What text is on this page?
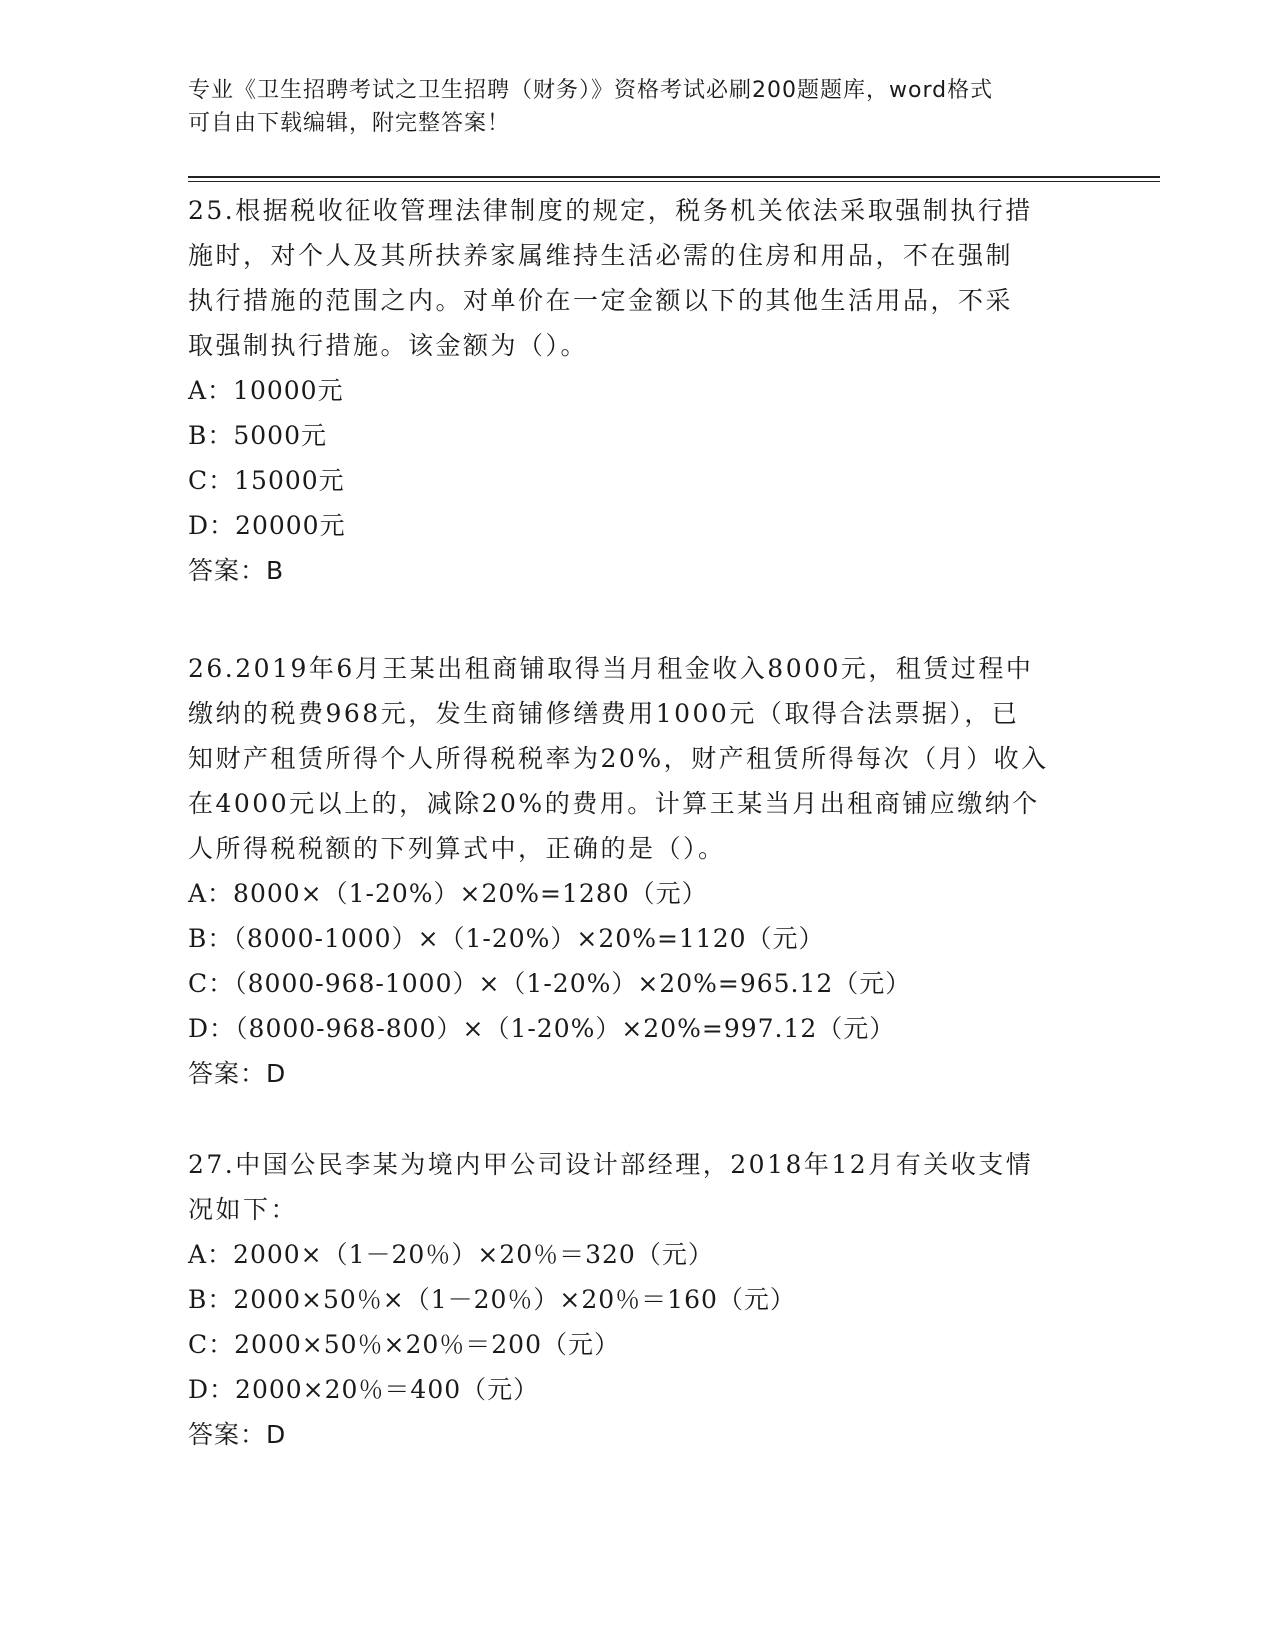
专业《卫生招聘考试之卫生招聘（财务）》资格考试必刷200题题库，word格式
可自由下载编辑，附完整答案！

25.根据税收征收管理法律制度的规定，税务机关依法采取强制执行措

施时，对个人及其所扶养家属维持生活必需的住房和用品，不在强制

执行措施的范围之内。对单价在一定金额以下的其他生活用品，不采

取强制执行措施。该金额为（）。

A：10000元

B：5000元

C：15000元

D：20000元

答案：B

26.2019年6月王某出租商铺取得当月租金收入8000元，租赁过程中

缴纳的税费968元，发生商铺修缮费用1000元（取得合法票据），已

知财产租赁所得个人所得税税率为20%，财产租赁所得每次（月）收入

在4000元以上的，减除20%的费用。计算王某当月出租商铺应缴纳个

人所得税税额的下列算式中，正确的是（）。

A：8000×（1-20%）×20%=1280（元）

B：（8000-1000）×（1-20%）×20%=1120（元）

C：（8000-968-1000）×（1-20%）×20%=965.12（元）

D：（8000-968-800）×（1-20%）×20%=997.12（元）

答案：D

27.中国公民李某为境内甲公司设计部经理，2018年12月有关收支情

况如下：

A：2000×（1－20％）×20％＝320（元）

B：2000×50％×（1－20％）×20％＝160（元）

C：2000×50％×20％＝200（元）

D：2000×20％＝400（元）

答案：D
